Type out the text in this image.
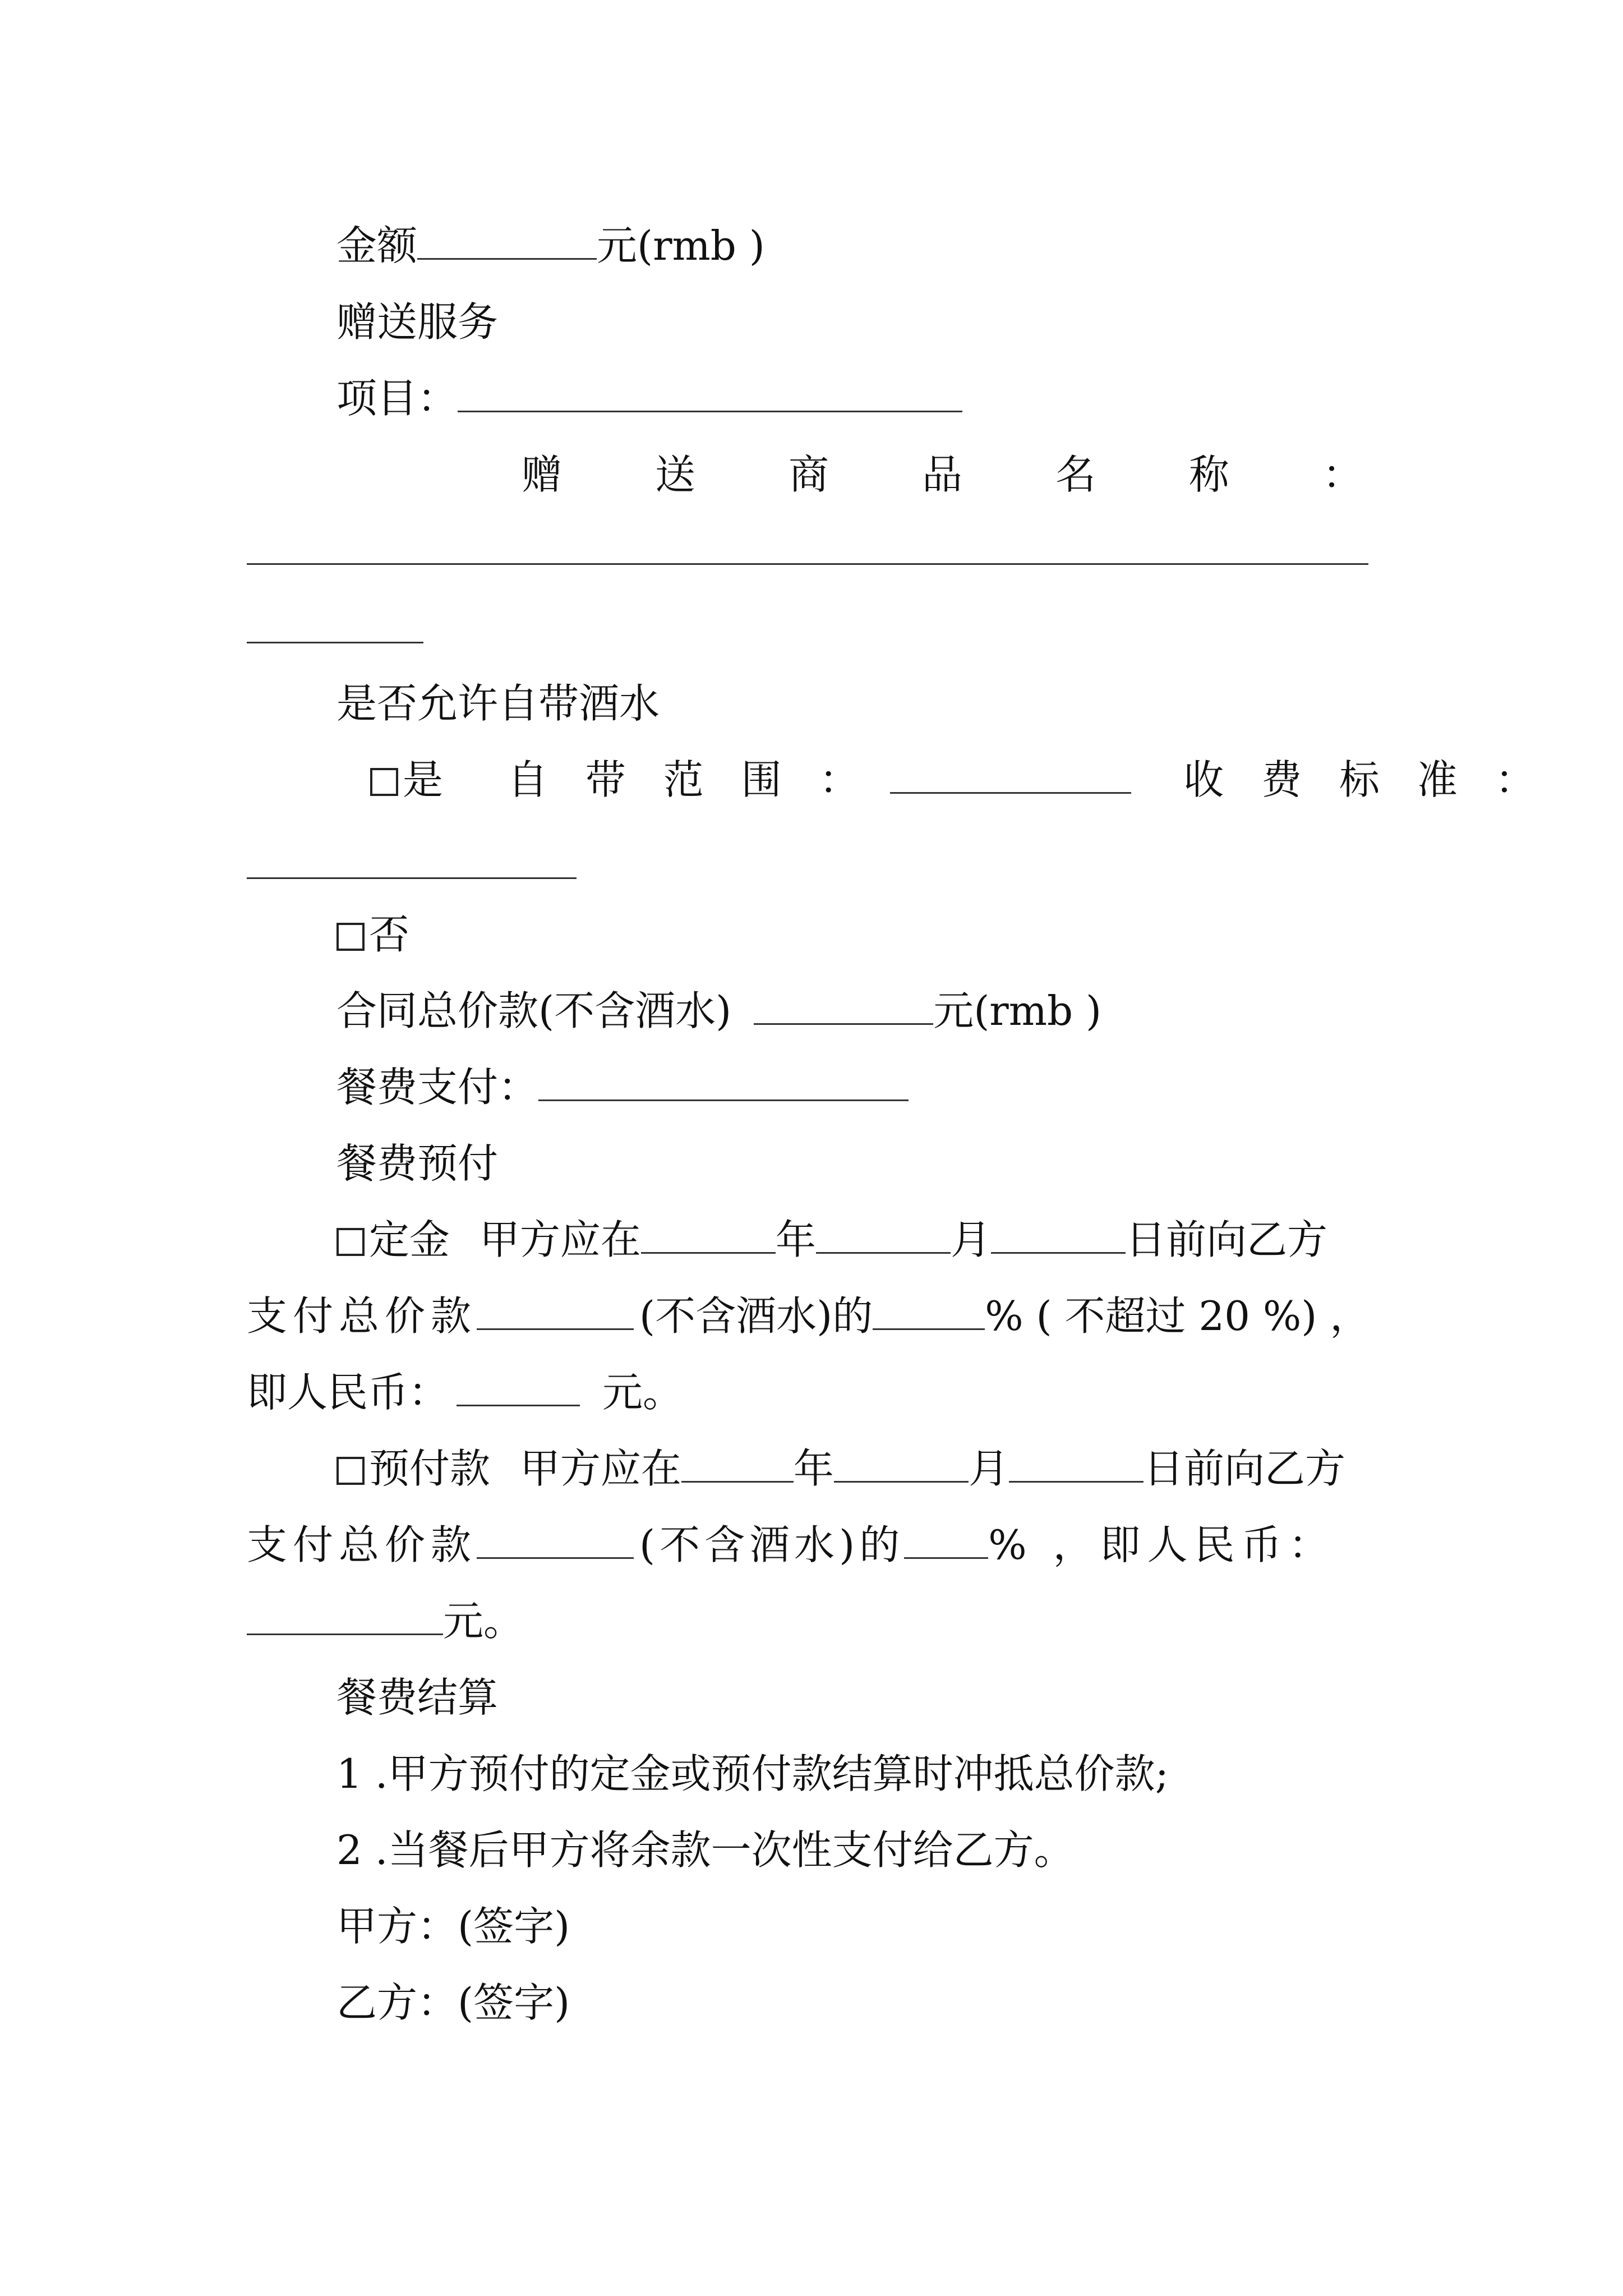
金额	元(rmb )
赠送服务
项目：
赠 送 商 品 名 称 ：
是否允许自带酒水
是 自 带 范 围 ：	收 费 标 准 ：
否
合同总价款(不含酒水)	元(rmb )
餐费支付：
餐费预付
定金 甲方应在	年	月	日前向乙方
支付总价款	(不含酒水)的	% ( 不超过 20 %) ，
即人民币：	元。
预付款 甲方应在	年	月	日前向乙方
支付总价款	(不含酒水)的 % ，即人民币：
元。
餐费结算
1 .甲方预付的定金或预付款结算时冲抵总价款;
2 .当餐后甲方将余款一次性支付给乙方。
甲方：(签字)
乙方：(签字)
